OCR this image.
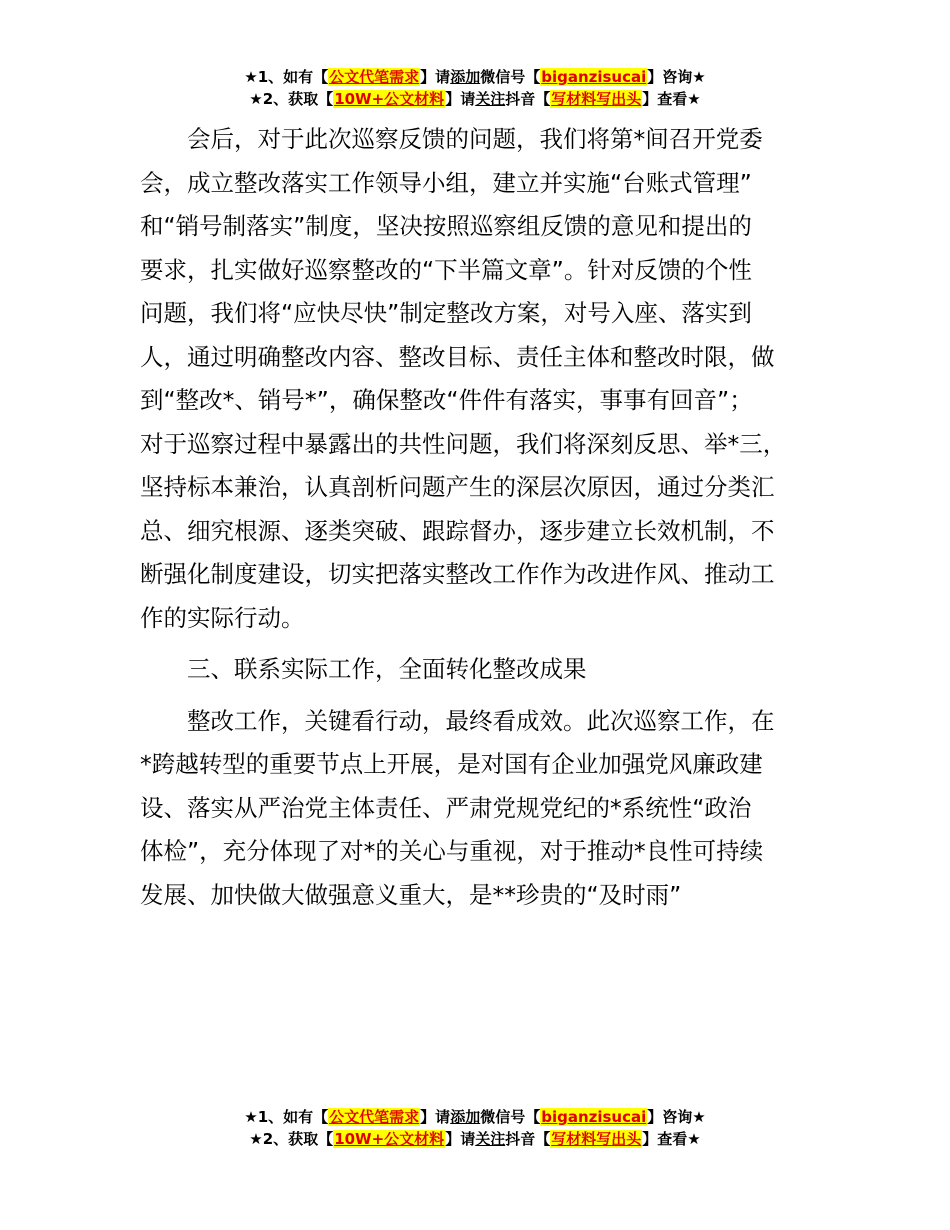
★1、如有【公文代笔需求】请添加微信号【biganzisucai】咨询★
★2、获取【10W+公文材料】请关注抖音【写材料写出头】查看★

会后，对于此次巡察反馈的问题，我们将第*间召开党委
会，成立整改落实工作领导小组，建立并实施“台账式管理”
和“销号制落实”制度，坚决按照巡察组反馈的意见和提出的
要求，扎实做好巡察整改的“下半篇文章”。针对反馈的个性
问题，我们将“应快尽快”制定整改方案，对号入座、落实到
人，通过明确整改内容、整改目标、责任主体和整改时限，做
到“整改*、销号*”，确保整改“件件有落实，事事有回音”；
对于巡察过程中暴露出的共性问题，我们将深刻反思、举*三，
坚持标本兼治，认真剖析问题产生的深层次原因，通过分类汇
总、细究根源、逐类突破、跟踪督办，逐步建立长效机制，不
断强化制度建设，切实把落实整改工作作为改进作风、推动工
作的实际行动。

三、联系实际工作，全面转化整改成果

整改工作，关键看行动，最终看成效。此次巡察工作，在
*跨越转型的重要节点上开展，是对国有企业加强党风廉政建
设、落实从严治党主体责任、严肃党规党纪的*系统性“政治
体检”，充分体现了对*的关心与重视，对于推动*良性可持续
发展、加快做大做强意义重大，是**珍贵的“及时雨”

★1、如有【公文代笔需求】请添加微信号【biganzisucai】咨询★
★2、获取【10W+公文材料】请关注抖音【写材料写出头】查看★
